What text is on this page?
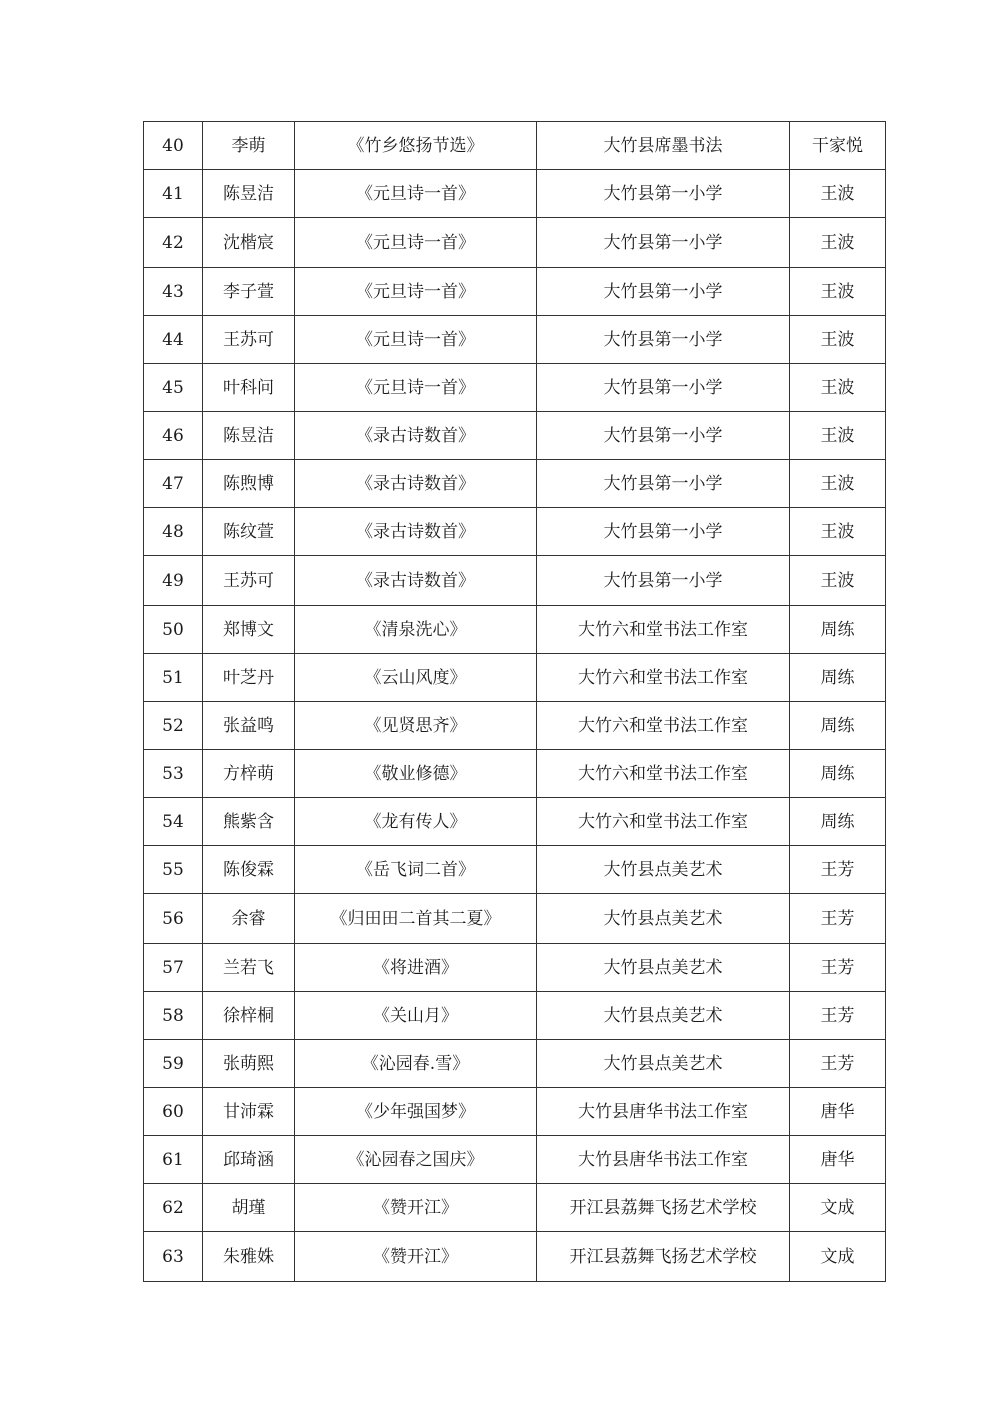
40	李萌	《竹乡悠扬节选》	大竹县席墨书法	干家悦
41	陈昱洁	《元旦诗一首》	大竹县第一小学	王波
42	沈楷宸	《元旦诗一首》	大竹县第一小学	王波
43	李子萱	《元旦诗一首》	大竹县第一小学	王波
44	王苏可	《元旦诗一首》	大竹县第一小学	王波
45	叶科问	《元旦诗一首》	大竹县第一小学	王波
46	陈昱洁	《录古诗数首》	大竹县第一小学	王波
47	陈煦博	《录古诗数首》	大竹县第一小学	王波
48	陈纹萱	《录古诗数首》	大竹县第一小学	王波
49	王苏可	《录古诗数首》	大竹县第一小学	王波
50	郑博文	《清泉洗心》	大竹六和堂书法工作室	周练
51	叶芝丹	《云山风度》	大竹六和堂书法工作室	周练
52	张益鸣	《见贤思齐》	大竹六和堂书法工作室	周练
53	方梓萌	《敬业修德》	大竹六和堂书法工作室	周练
54	熊紫含	《龙有传人》	大竹六和堂书法工作室	周练
55	陈俊霖	《岳飞词二首》	大竹县点美艺术	王芳
56	余睿	《归田田二首其二夏》	大竹县点美艺术	王芳
57	兰若飞	《将进酒》	大竹县点美艺术	王芳
58	徐梓桐	《关山月》	大竹县点美艺术	王芳
59	张萌熙	《沁园春.雪》	大竹县点美艺术	王芳
60	甘沛霖	《少年强国梦》	大竹县唐华书法工作室	唐华
61	邱琦涵	《沁园春之国庆》	大竹县唐华书法工作室	唐华
62	胡瑾	《赞开江》	开江县荔舞飞扬艺术学校	文成
63	朱雅姝	《赞开江》	开江县荔舞飞扬艺术学校	文成
